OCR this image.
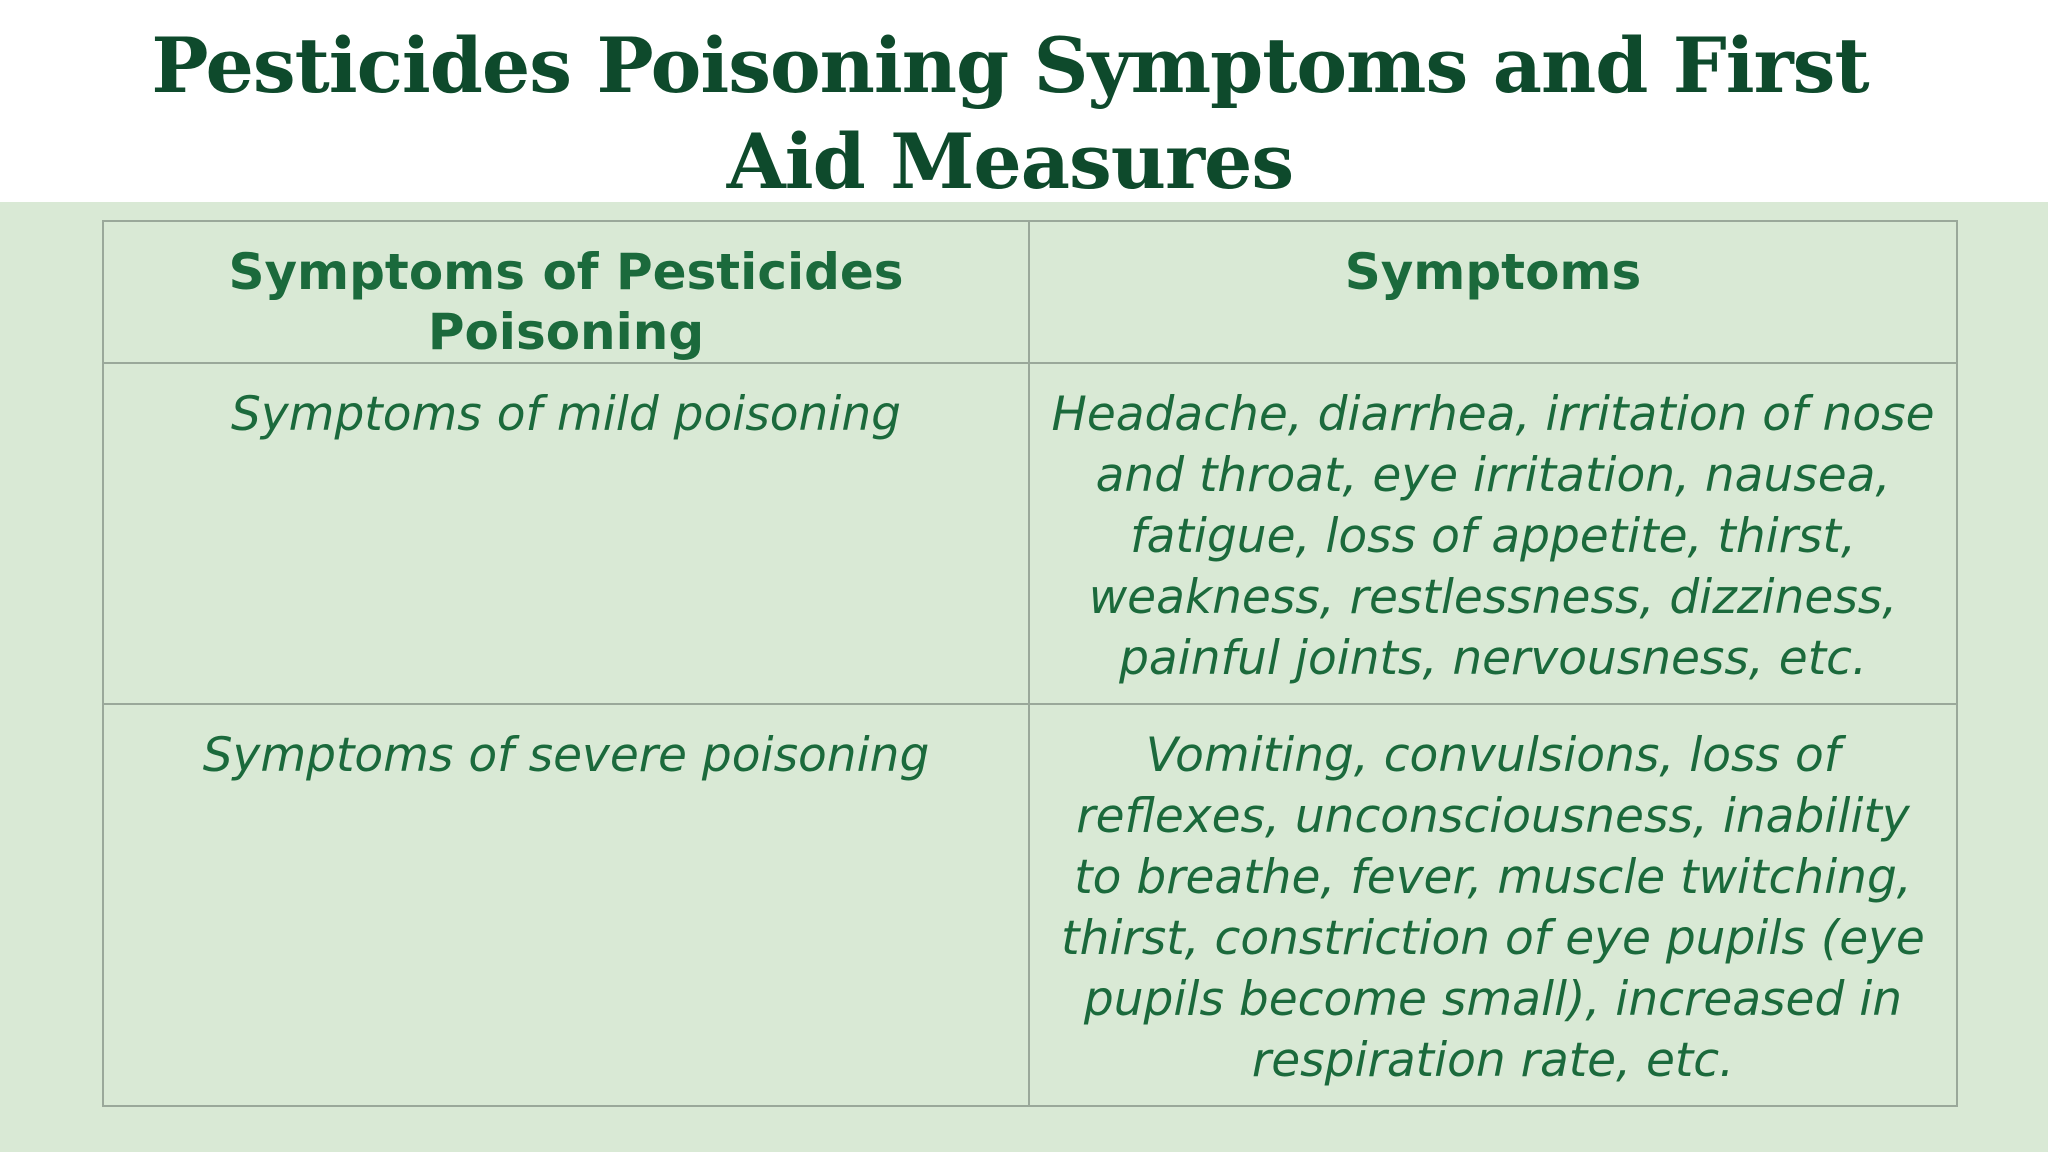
Pesticides Poisoning Symptoms and First Aid Measures
Symptoms of Pesticides Poisoning	Symptoms
Symptoms of mild poisoning	Headache, diarrhea, irritation of nose and throat, eye irritation, nausea, fatigue, loss of appetite, thirst, weakness, restlessness, dizziness, painful joints, nervousness, etc.
Symptoms of severe poisoning	Vomiting, convulsions, loss of reflexes, unconsciousness, inability to breathe, fever, muscle twitching, thirst, constriction of eye pupils (eye pupils become small), increased in respiration rate, etc.
